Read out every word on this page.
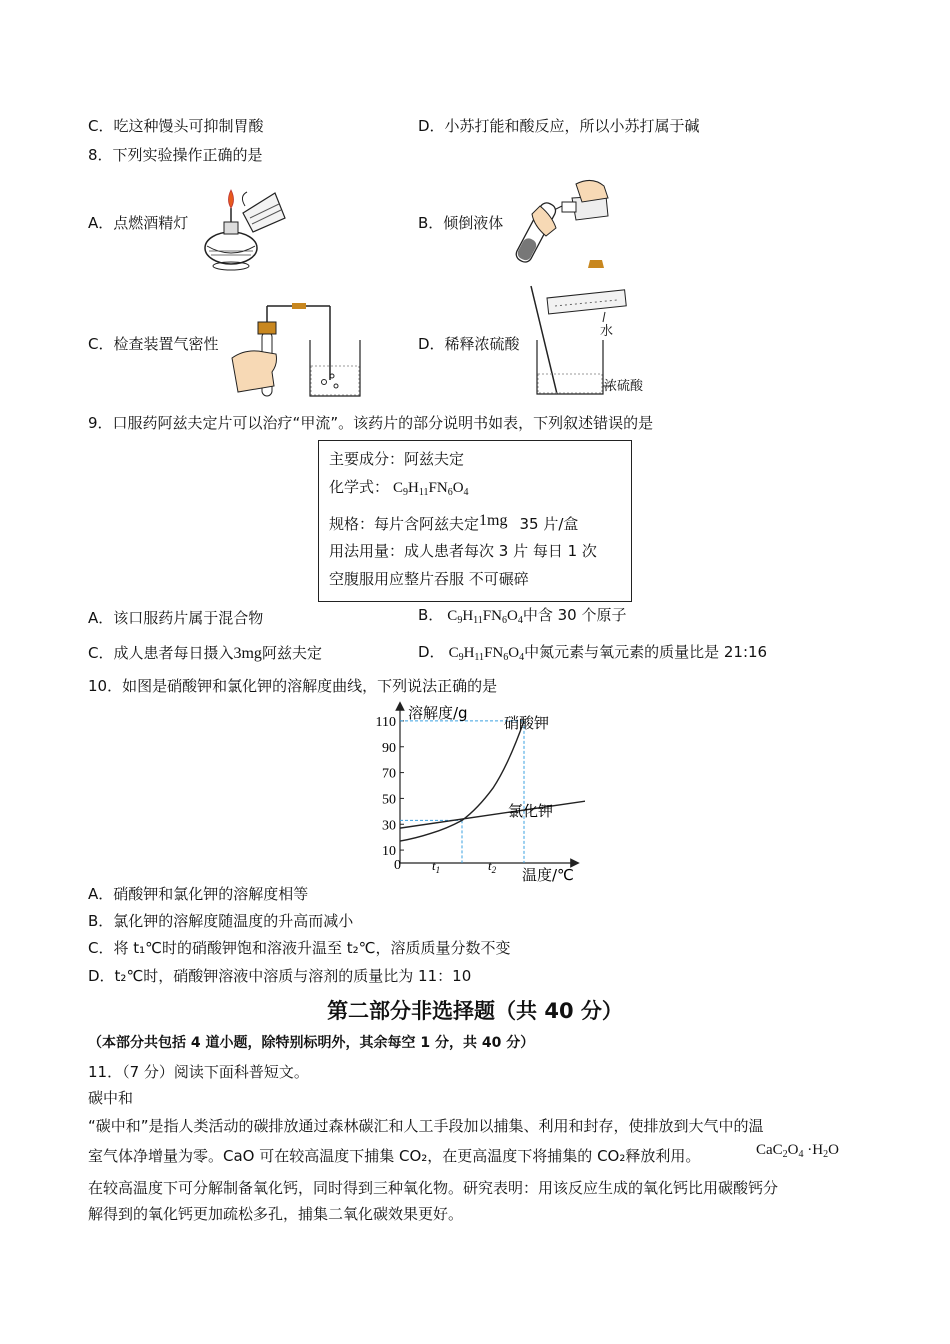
C．吃这种馒头可抑制胃酸	D．小苏打能和酸反应，所以小苏打属于碱
8．下列实验操作正确的是
A．点燃酒精灯	B．倾倒液体
C．检查装置气密性	D．稀释浓硫酸
水
浓硫酸
9．口服药阿兹夫定片可以治疗“甲流”。该药片的部分说明书如表，下列叙述错误的是
主要成分：阿兹夫定
化学式： $C_9H_{11}FN_6O_4$
规格：每片含阿兹夫定1mg 35 片/盒
用法用量：成人患者每次 3 片 每日 1 次
空腹服用应整片吞服 不可碾碎
A．该口服药片属于混合物	B． $C_9H_{11}FN_6O_4$中含 30 个原子
C．成人患者每日摄入3mg阿兹夫定	D． $C_9H_{11}FN_6O_4$中氮元素与氧元素的质量比是 21:16
10．如图是硝酸钾和氯化钾的溶解度曲线，下列说法正确的是
10
30
50
70
90
110
溶解度/g
温度/℃
0
硝酸钾
氯化钾
$t_1$	$t_2$
A．硝酸钾和氯化钾的溶解度相等
B．氯化钾的溶解度随温度的升高而减小
C．将 t₁℃时的硝酸钾饱和溶液升温至 t₂℃，溶质质量分数不变
D．t₂℃时，硝酸钾溶液中溶质与溶剂的质量比为 11：10
第二部分非选择题（共 40 分）
（本部分共包括 4 道小题，除特别标明外，其余每空 1 分，共 40 分）
11．（7 分）阅读下面科普短文。
碳中和
“碳中和”是指人类活动的碳排放通过森林碳汇和人工手段加以捕集、利用和封存，使排放到大气中的温
室气体净增量为零。CaO 可在较高温度下捕集 CO₂，在更高温度下将捕集的 CO₂释放利用。	$CaC_2O_4 \cdot H_2O$
在较高温度下可分解制备氧化钙，同时得到三种氧化物。研究表明：用该反应生成的氧化钙比用碳酸钙分
解得到的氧化钙更加疏松多孔，捕集二氧化碳效果更好。
